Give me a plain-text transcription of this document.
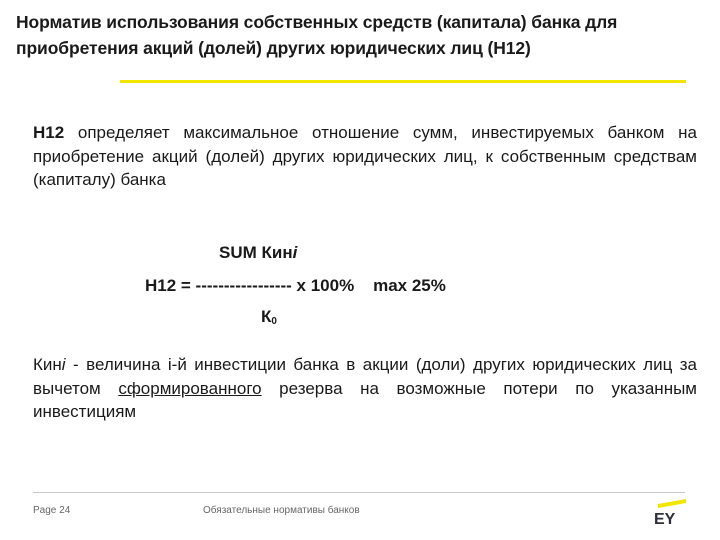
Норматив использования собственных средств (капитала) банка для приобретения акций (долей) других юридических лиц (Н12)
Н12 определяет максимальное отношение сумм, инвестируемых банком на приобретение акций (долей) других юридических лиц, к собственным средствам (капиталу) банка
SUM Кинi
Н12 = ----------------- х 100%    max 25%
$К_0$
Кинi - величина i-й инвестиции банка в акции (доли) других юридических лиц за вычетом сформированного резерва на возможные потери по указанным инвестициям
Page 24	Обязательные нормативы банков
EY
